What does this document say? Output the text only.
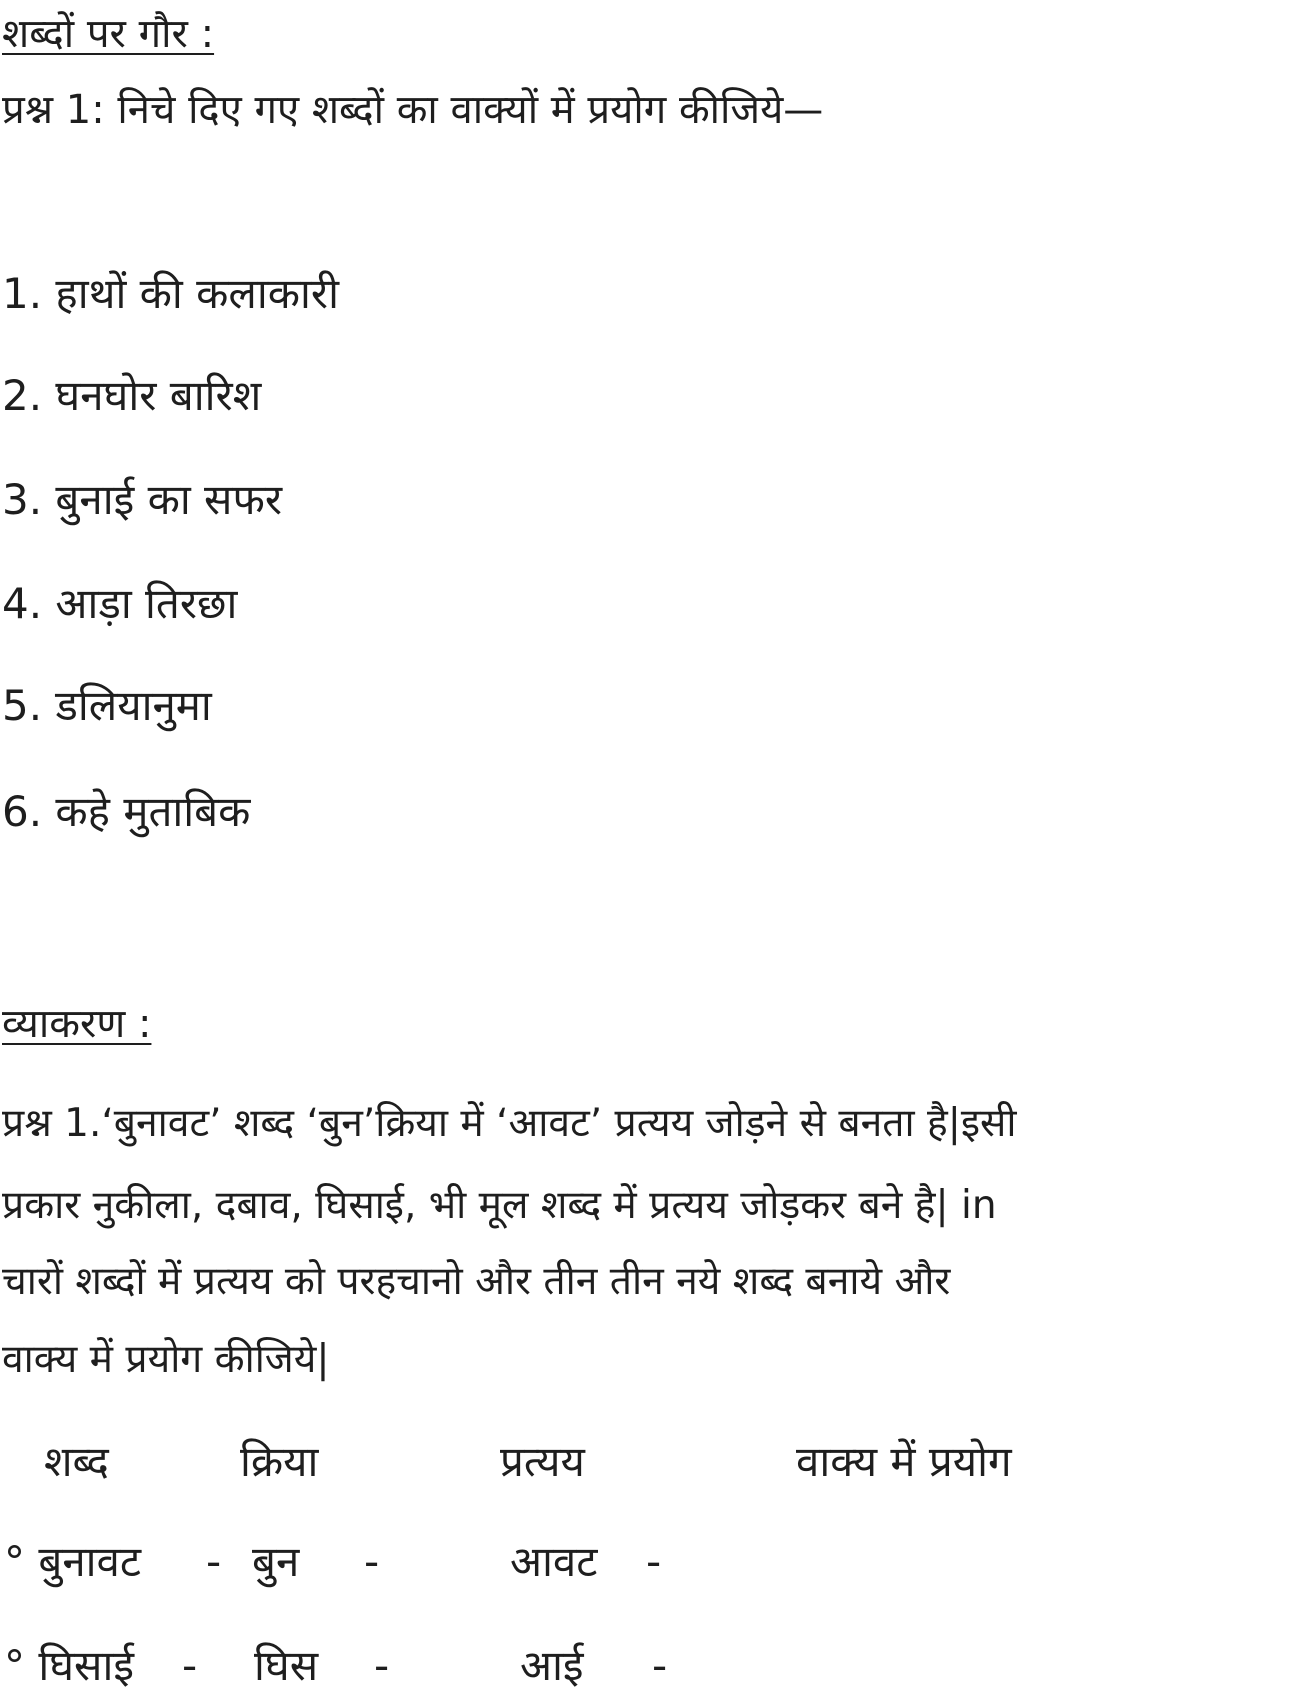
शब्दों पर गौर :
प्रश्न 1: निचे दिए गए शब्दों का वाक्यों में प्रयोग कीजिये—
1. हाथों की कलाकारी
2. घनघोर बारिश
3. बुनाई का सफर
4. आड़ा तिरछा
5. डलियानुमा
6. कहे मुताबिक
व्याकरण :
प्रश्न 1.‘बुनावट’ शब्द ‘बुन’क्रिया में ‘आवट’ प्रत्यय जोड़ने से बनता है|इसी
प्रकार नुकीला, दबाव, घिसाई, भी मूल शब्द में प्रत्यय जोड़कर बने है| in
चारों शब्दों में प्रत्यय को परहचानो और तीन तीन नये शब्द बनाये और
वाक्य में प्रयोग कीजिये|
शब्द	क्रिया	प्रत्यय	वाक्य में प्रयोग
° बुनावट - बुन -	आवट -
° घिसाई - घिस -	आई -
